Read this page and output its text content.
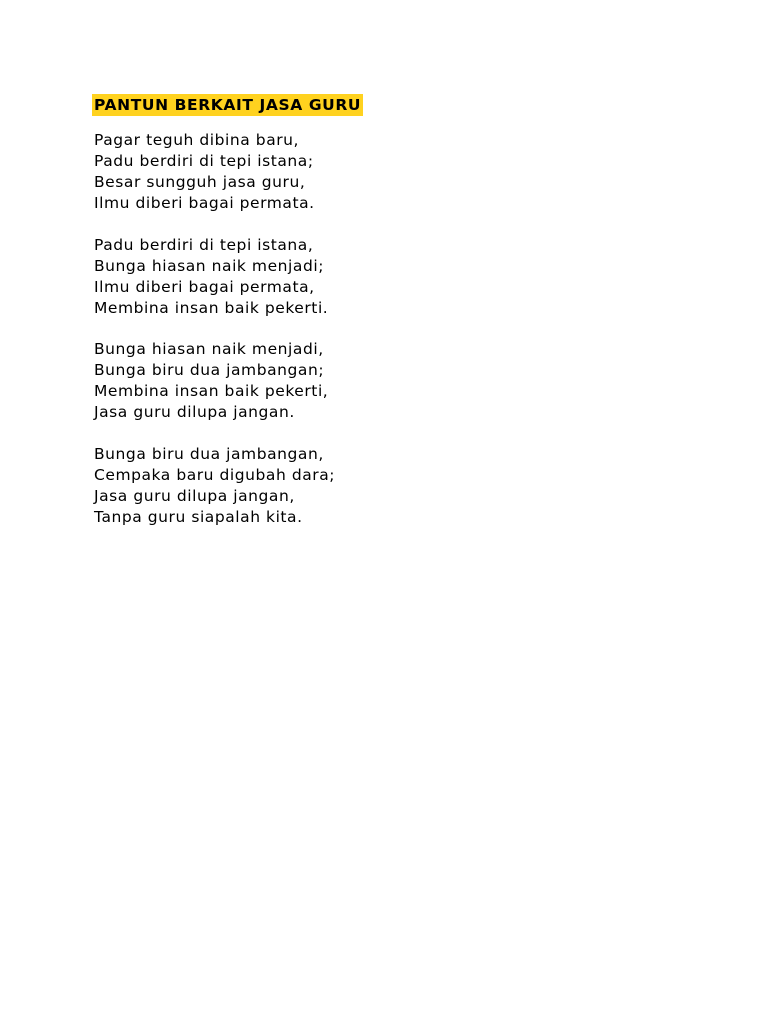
PANTUN BERKAIT JASA GURU
Pagar teguh dibina baru,
Padu berdiri di tepi istana;
Besar sungguh jasa guru,
Ilmu diberi bagai permata.
Padu berdiri di tepi istana,
Bunga hiasan naik menjadi;
Ilmu diberi bagai permata,
Membina insan baik pekerti.
Bunga hiasan naik menjadi,
Bunga biru dua jambangan;
Membina insan baik pekerti,
Jasa guru dilupa jangan.
Bunga biru dua jambangan,
Cempaka baru digubah dara;
Jasa guru dilupa jangan,
Tanpa guru siapalah kita.
